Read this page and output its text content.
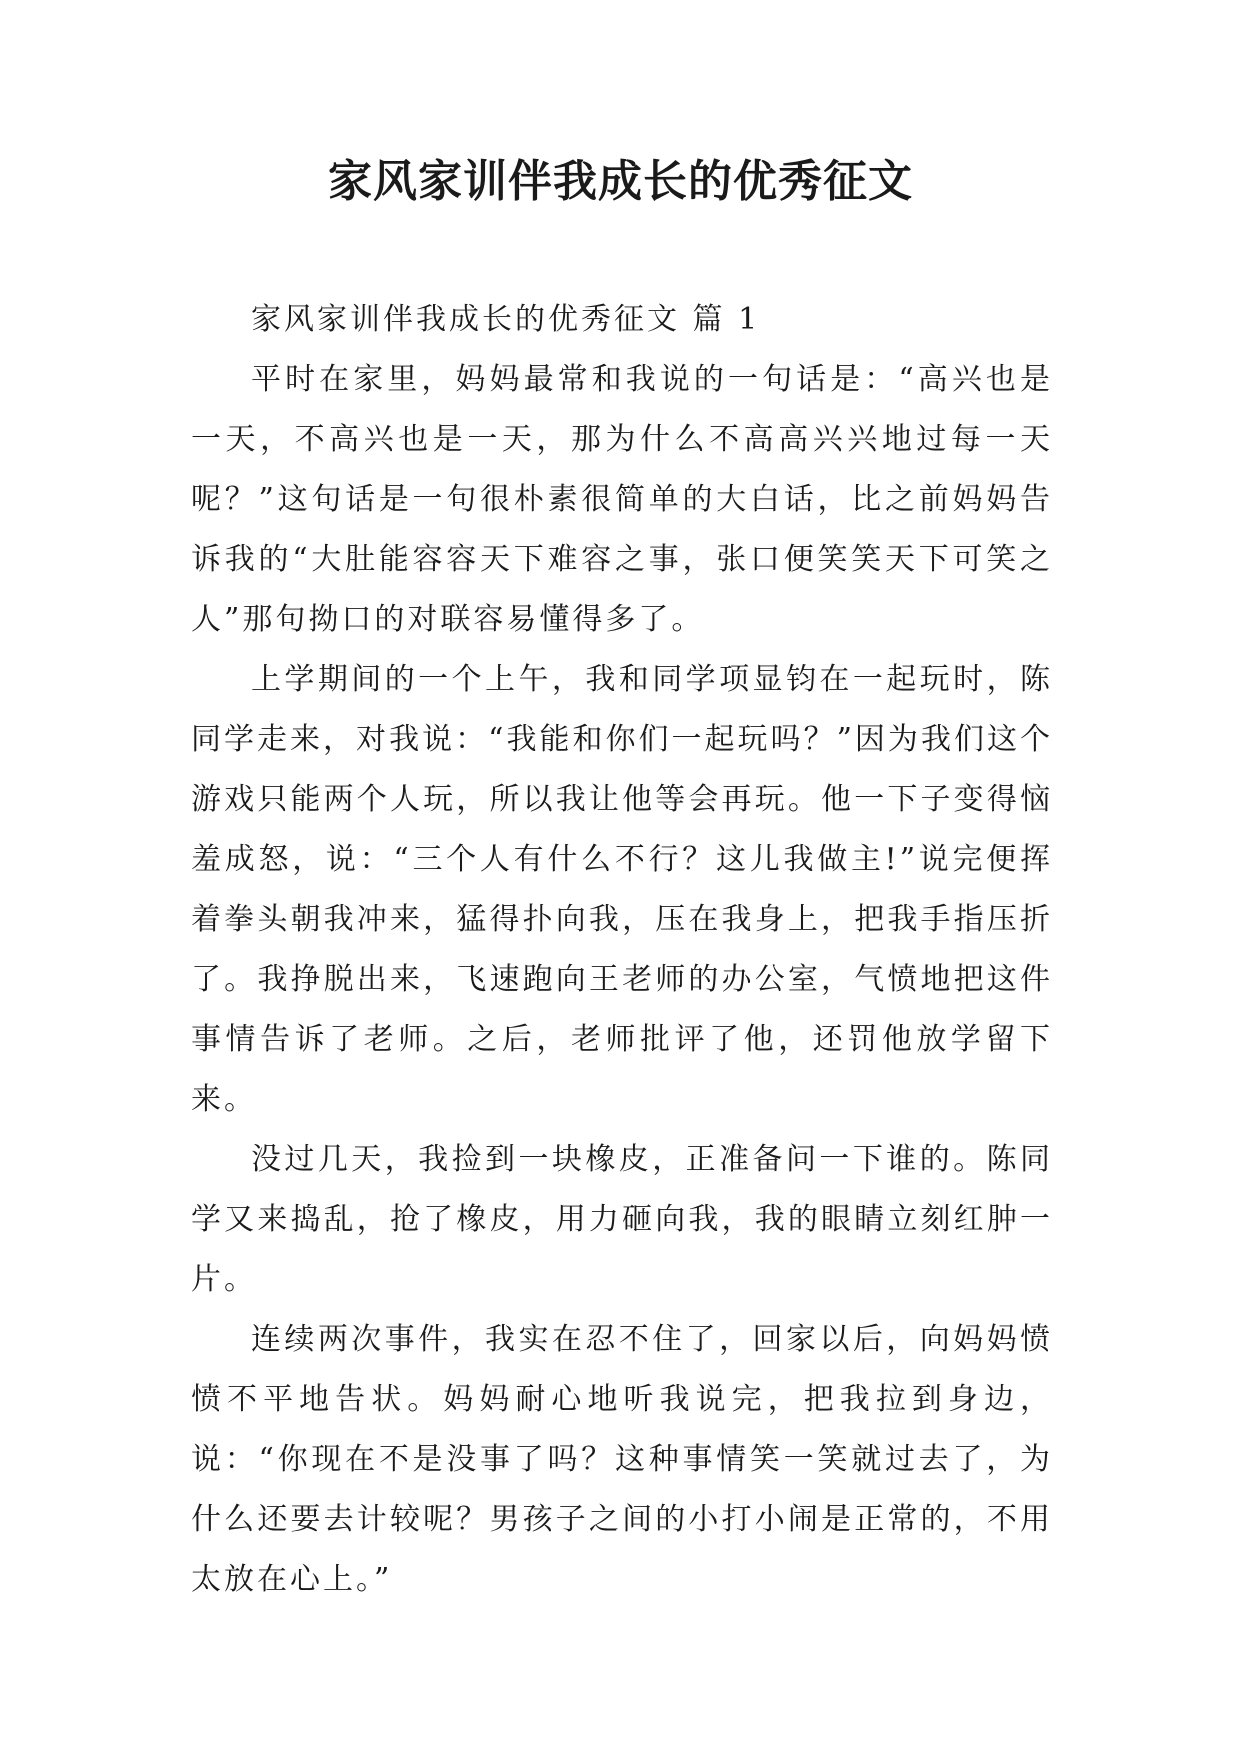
家风家训伴我成长的优秀征文

家风家训伴我成长的优秀征文 篇 1

平时在家里，妈妈最常和我说的一句话是：“高兴也是一天，不高兴也是一天，那为什么不高高兴兴地过每一天呢？”这句话是一句很朴素很简单的大白话，比之前妈妈告诉我的“大肚能容容天下难容之事，张口便笑笑天下可笑之人”那句拗口的对联容易懂得多了。

上学期间的一个上午，我和同学项显钧在一起玩时，陈同学走来，对我说：“我能和你们一起玩吗？”因为我们这个游戏只能两个人玩，所以我让他等会再玩。他一下子变得恼羞成怒，说：“三个人有什么不行？这儿我做主!”说完便挥着拳头朝我冲来，猛得扑向我，压在我身上，把我手指压折了。我挣脱出来，飞速跑向王老师的办公室，气愤地把这件事情告诉了老师。之后，老师批评了他，还罚他放学留下来。

没过几天，我捡到一块橡皮，正准备问一下谁的。陈同学又来捣乱，抢了橡皮，用力砸向我，我的眼睛立刻红肿一片。

连续两次事件，我实在忍不住了，回家以后，向妈妈愤愤不平地告状。妈妈耐心地听我说完，把我拉到身边，说：“你现在不是没事了吗？这种事情笑一笑就过去了，为什么还要去计较呢？男孩子之间的小打小闹是正常的，不用太放在心上。”
